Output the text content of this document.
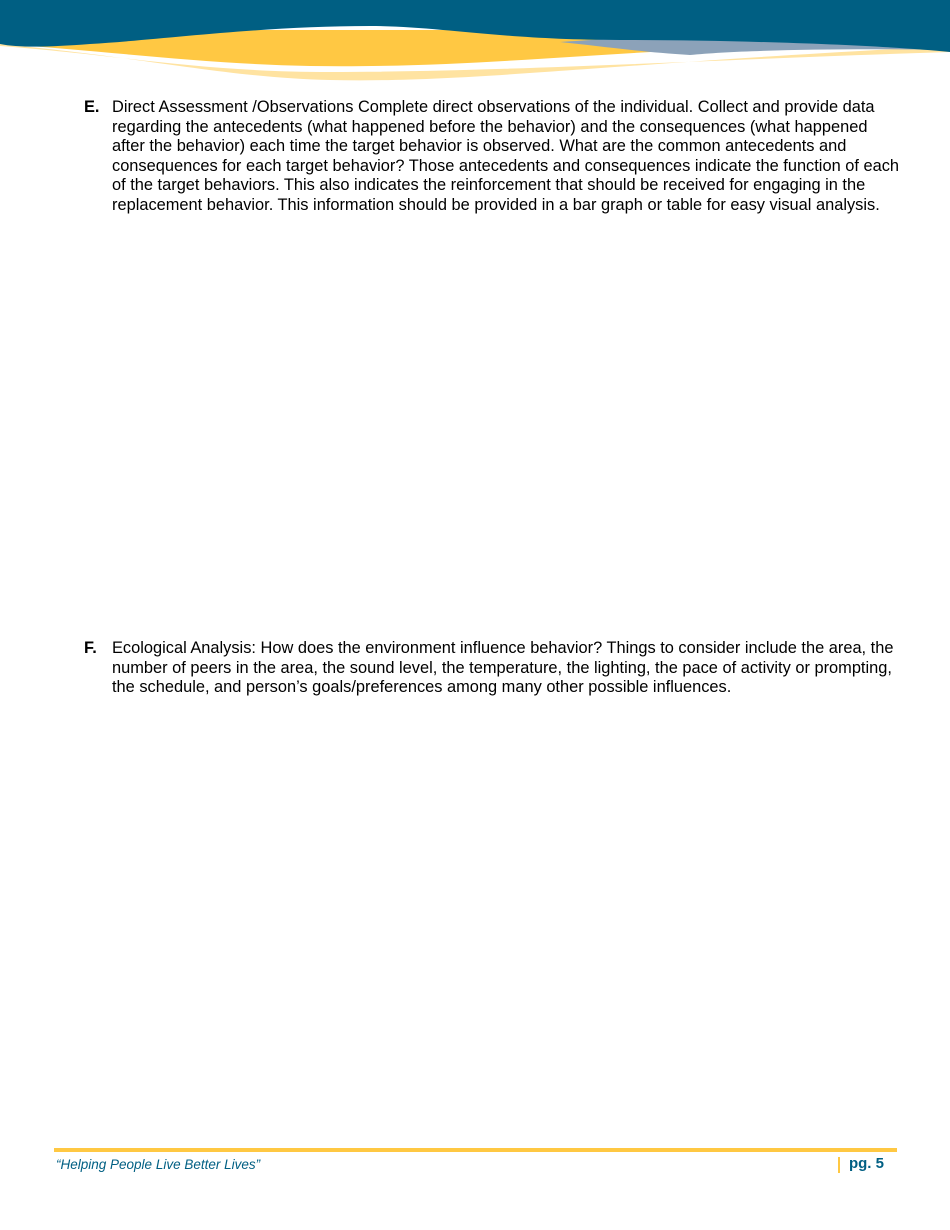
E. Direct Assessment /Observations Complete direct observations of the individual. Collect and provide data regarding the antecedents (what happened before the behavior) and the consequences (what happened after the behavior) each time the target behavior is observed. What are the common antecedents and consequences for each target behavior? Those antecedents and consequences indicate the function of each of the target behaviors. This also indicates the reinforcement that should be received for engaging in the replacement behavior. This information should be provided in a bar graph or table for easy visual analysis.
F. Ecological Analysis: How does the environment influence behavior? Things to consider include the area, the number of peers in the area, the sound level, the temperature, the lighting, the pace of activity or prompting, the schedule, and person’s goals/preferences among many other possible influences.
“Helping People Live Better Lives”	pg. 5
